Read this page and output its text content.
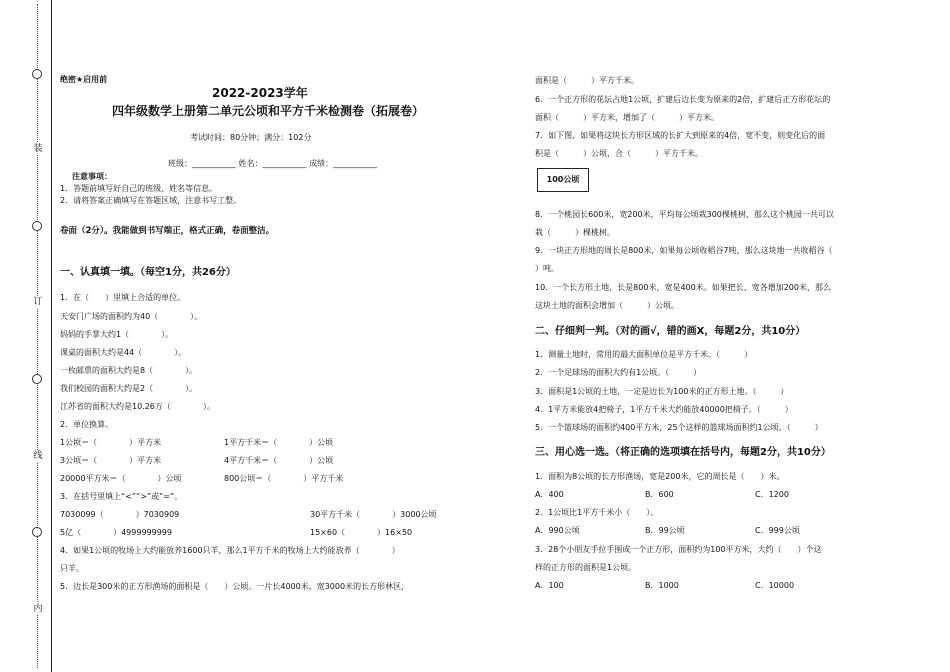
装
订
线
内
绝密★启用前
2022-2023学年
四年级数学上册第二单元公顷和平方千米检测卷（拓展卷）
考试时间：80分钟；满分：102分
班级：___________ 姓名：___________ 成绩：___________
注意事项：
1．答题前填写好自己的班级、姓名等信息。
2．请将答案正确填写在答题区域，注意书写工整。
卷面（2分）。我能做到书写端正，格式正确，卷面整洁。
一、认真填一填。（每空1分，共26分）
1．在（　　）里填上合适的单位。
天安门广场的面积约为40（　　　　）。
妈妈的手掌大约1（　　　　）。
课桌的面积大约是44（　　　　）。
一枚邮票的面积大约是8（　　　　）。
我们校园的面积大约是2（　　　　）。
江苏省的面积大约是10.26万（　　　　）。
2．单位换算。
1公顷＝（　　　　）平方米	1平方千米＝（　　　　）公顷
3公顷＝（　　　　）平方米	4平方千米＝（　　　　）公顷
20000平方米＝（　　　　）公顷	800公顷＝（　　　　）平方千米
3．在括号里填上“<”“>”或“=”。
7030099（　　　　）7030909	30平方千米（　　　　）3000公顷
5亿（　　　　）4999999999	15×60（　　　　）16×50
4．如果1公顷的牧场上大约能放养1600只羊，那么1平方千米的牧场上大约能放养（　　　　）
只羊。
5．边长是300米的正方形渔场的面积是（　　）公顷。一片长4000米，宽3000米的长方形林区，
面积是（　　　）平方千米。
6．一个正方形的花坛占地1公顷，扩建后边长变为原来的2倍，扩建后正方形花坛的
面积（　　　）平方米，增加了（　　　）平方米。
7．如下图，如果将这块长方形区域的长扩大到原来的4倍，宽不变，则变化后的面
积是（　　　）公顷，合（　　　）平方千米。
100公顷
8．一个桃园长600米，宽200米，平均每公顷栽300棵桃树，那么这个桃园一共可以
栽（　　　）棵桃树。
9．一块正方形地的周长是800米，如果每公顷收稻谷7吨，那么这块地一共收稻谷（
）吨。
10．一个长方形土地，长是800米，宽是400米。如果把长、宽各增加200米，那么
这块土地的面积会增加（　　　）公顷。
二、仔细判一判。（对的画√，错的画X，每题2分，共10分）
1．测量土地时，常用的最大面积单位是平方千米。（　　　）
2．一个足球场的面积大约有1公顷。（　　　）
3．面积是1公顷的土地，一定是边长为100米的正方形土地。（　　　）
4．1平方米能放4把椅子，1平方千米大约能放40000把椅子。（　　　）
5．一个篮球场的面积约400平方米，25个这样的篮球场面积约1公顷。（　　　）
三、用心选一选。（将正确的选项填在括号内，每题2分，共10分）
1．面积为8公顷的长方形渔场，宽是200米，它的周长是（　　）米。
A．400	B．600	C．1200
2．1公顷比1平方千米小（　　）。
A．990公顷	B．99公顷	C．999公顷
3．28个小朋友手拉手围成一个正方形，面积约为100平方米，大约（　　）个这
样的正方形的面积是1公顷。
A．100	B．1000	C．10000
